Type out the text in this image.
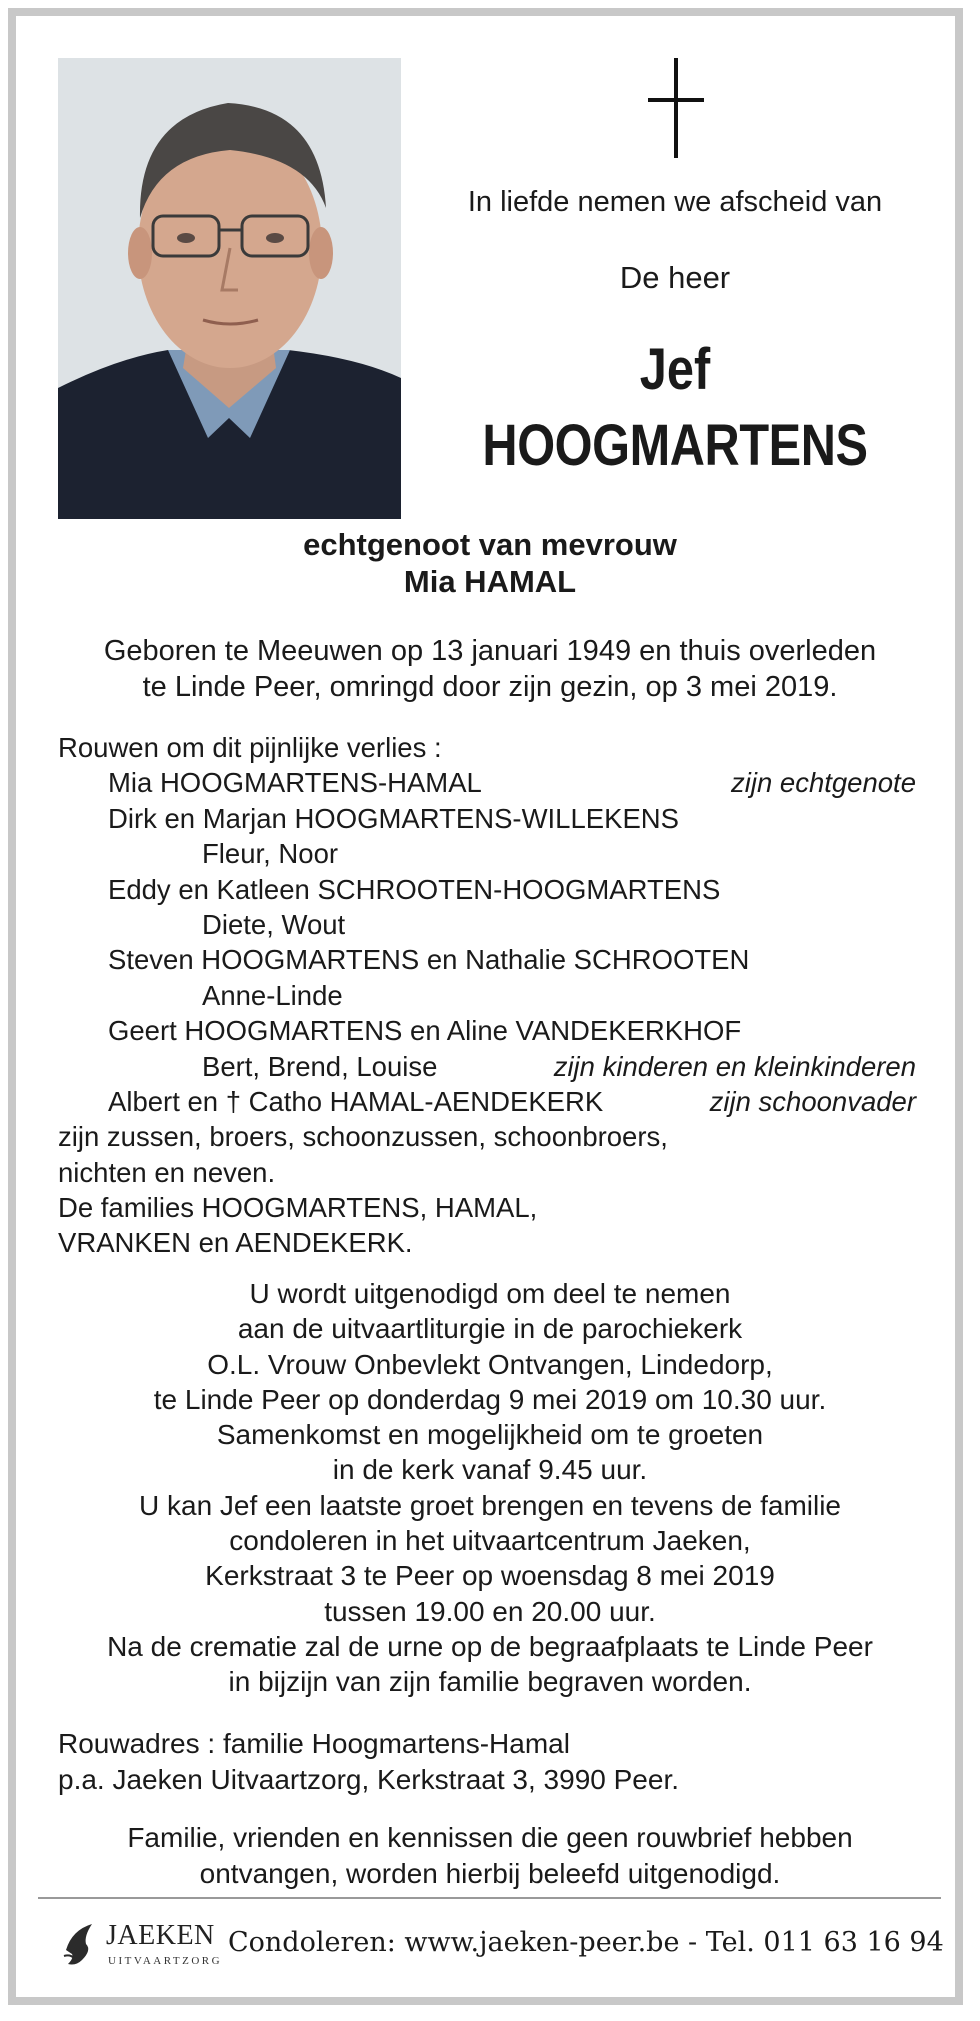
In liefde nemen we afscheid van
De heer
Jef
HOOGMARTENS
echtgenoot van mevrouw
Mia HAMAL
Geboren te Meeuwen op 13 januari 1949 en thuis overleden
te Linde Peer, omringd door zijn gezin, op 3 mei 2019.
Rouwen om dit pijnlijke verlies :
Mia HOOGMARTENS-HAMAL	zijn echtgenote
Dirk en Marjan HOOGMARTENS-WILLEKENS
Fleur, Noor
Eddy en Katleen SCHROOTEN-HOOGMARTENS
Diete, Wout
Steven HOOGMARTENS en Nathalie SCHROOTEN
Anne-Linde
Geert HOOGMARTENS en Aline VANDEKERKHOF
Bert, Brend, Louise	zijn kinderen en kleinkinderen
Albert en † Catho HAMAL-AENDEKERK	zijn schoonvader
zijn zussen, broers, schoonzussen, schoonbroers,
nichten en neven.
De families HOOGMARTENS, HAMAL,
VRANKEN en AENDEKERK.
U wordt uitgenodigd om deel te nemen
aan de uitvaartliturgie in de parochiekerk
O.L. Vrouw Onbevlekt Ontvangen, Lindedorp,
te Linde Peer op donderdag 9 mei 2019 om 10.30 uur.
Samenkomst en mogelijkheid om te groeten
in de kerk vanaf 9.45 uur.
U kan Jef een laatste groet brengen en tevens de familie
condoleren in het uitvaartcentrum Jaeken,
Kerkstraat 3 te Peer op woensdag 8 mei 2019
tussen 19.00 en 20.00 uur.
Na de crematie zal de urne op de begraafplaats te Linde Peer
in bijzijn van zijn familie begraven worden.
Rouwadres : familie Hoogmartens-Hamal
p.a. Jaeken Uitvaartzorg, Kerkstraat 3, 3990 Peer.
Familie, vrienden en kennissen die geen rouwbrief hebben
ontvangen, worden hierbij beleefd uitgenodigd.
JAEKEN
UITVAARTZORG
Condoleren: www.jaeken-peer.be - Tel. 011 63 16 94
